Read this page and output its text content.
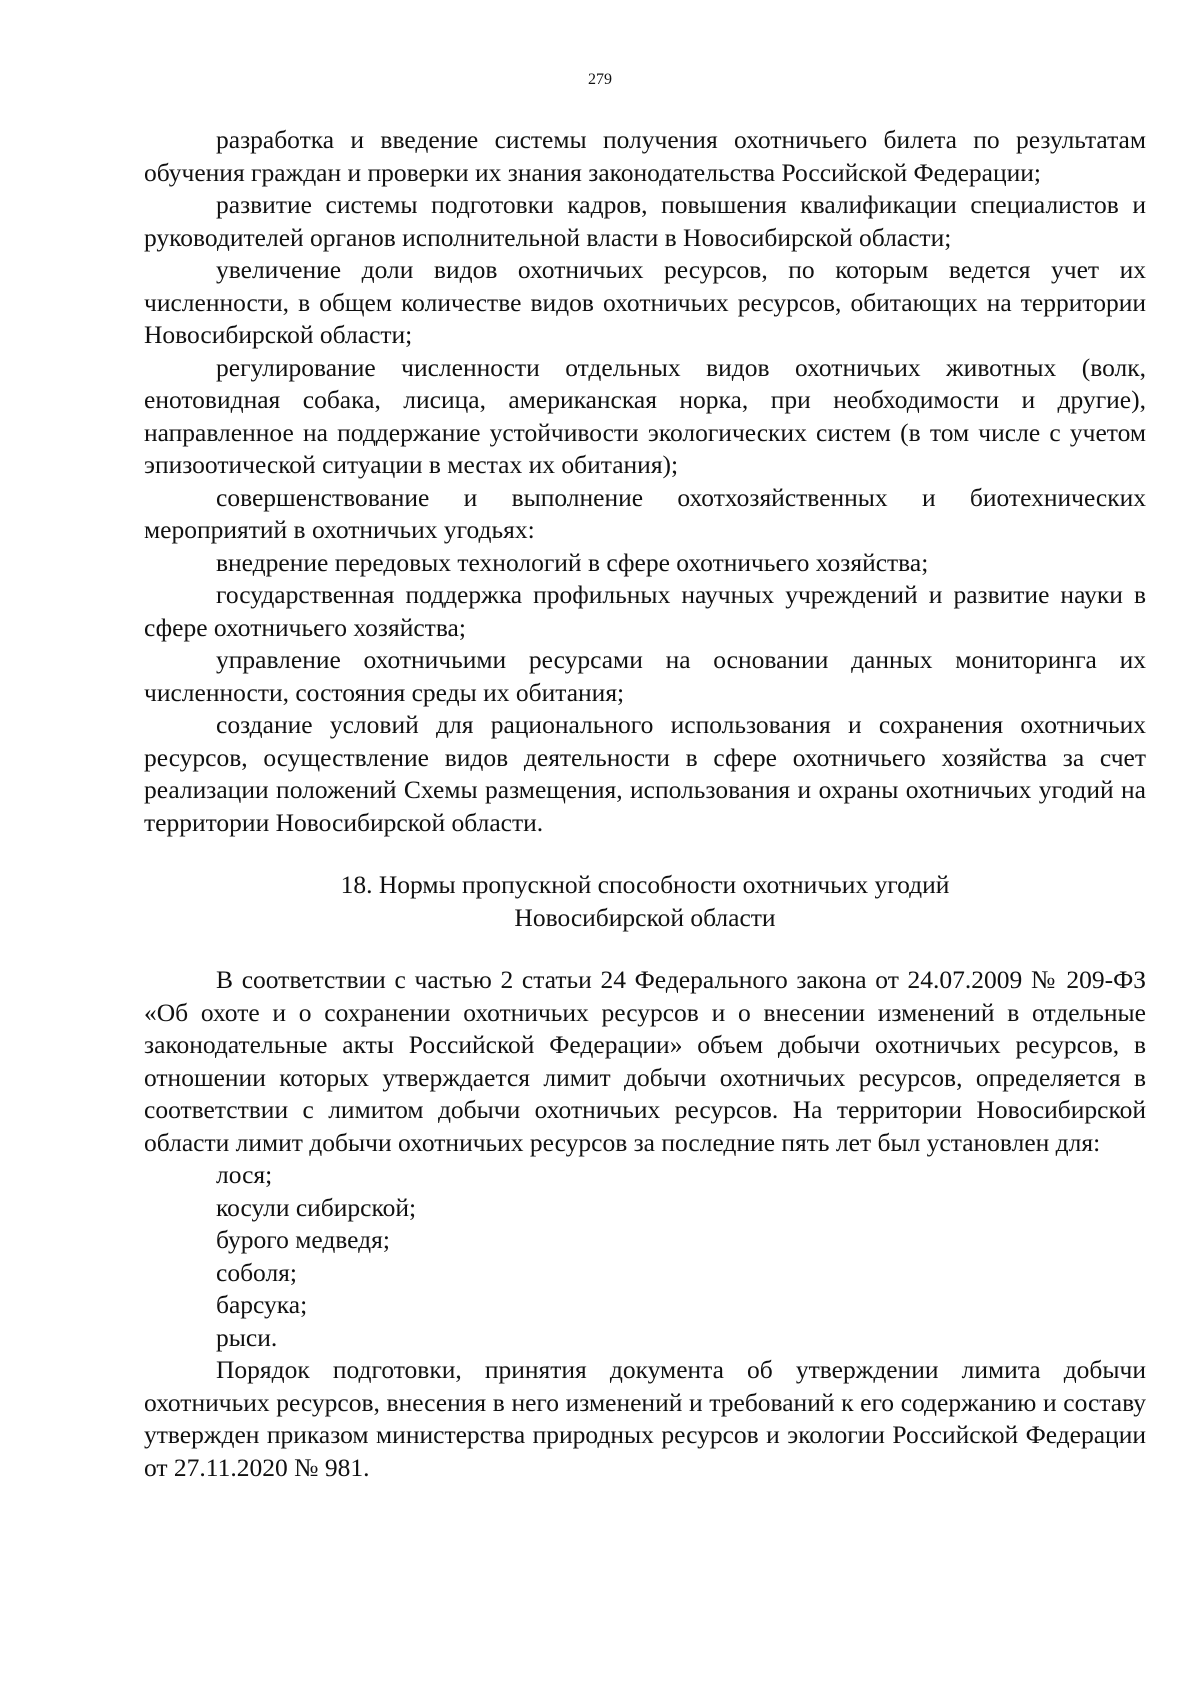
279

разработка и введение системы получения охотничьего билета по результатам обучения граждан и проверки их знания законодательства Российской Федерации;

развитие системы подготовки кадров, повышения квалификации специалистов и руководителей органов исполнительной власти в Новосибирской области;

увеличение доли видов охотничьих ресурсов, по которым ведется учет их численности, в общем количестве видов охотничьих ресурсов, обитающих на территории Новосибирской области;

регулирование численности отдельных видов охотничьих животных (волк, енотовидная собака, лисица, американская норка, при необходимости и другие), направленное на поддержание устойчивости экологических систем (в том числе с учетом эпизоотической ситуации в местах их обитания);

совершенствование и выполнение охотхозяйственных и биотехнических мероприятий в охотничьих угодьях:

внедрение передовых технологий в сфере охотничьего хозяйства;

государственная поддержка профильных научных учреждений и развитие науки в сфере охотничьего хозяйства;

управление охотничьими ресурсами на основании данных мониторинга их численности, состояния среды их обитания;

создание условий для рационального использования и сохранения охотничьих ресурсов, осуществление видов деятельности в сфере охотничьего хозяйства за счет реализации положений Схемы размещения, использования и охраны охотничьих угодий на территории Новосибирской области.

18. Нормы пропускной способности охотничьих угодий
Новосибирской области

В соответствии с частью 2 статьи 24 Федерального закона от 24.07.2009 № 209-ФЗ «Об охоте и о сохранении охотничьих ресурсов и о внесении изменений в отдельные законодательные акты Российской Федерации» объем добычи охотничьих ресурсов, в отношении которых утверждается лимит добычи охотничьих ресурсов, определяется в соответствии с лимитом добычи охотничьих ресурсов. На территории Новосибирской области лимит добычи охотничьих ресурсов за последние пять лет был установлен для:

лося;

косули сибирской;

бурого медведя;

соболя;

барсука;

рыси.

Порядок подготовки, принятия документа об утверждении лимита добычи охотничьих ресурсов, внесения в него изменений и требований к его содержанию и составу утвержден приказом министерства природных ресурсов и экологии Российской Федерации от 27.11.2020 № 981.
